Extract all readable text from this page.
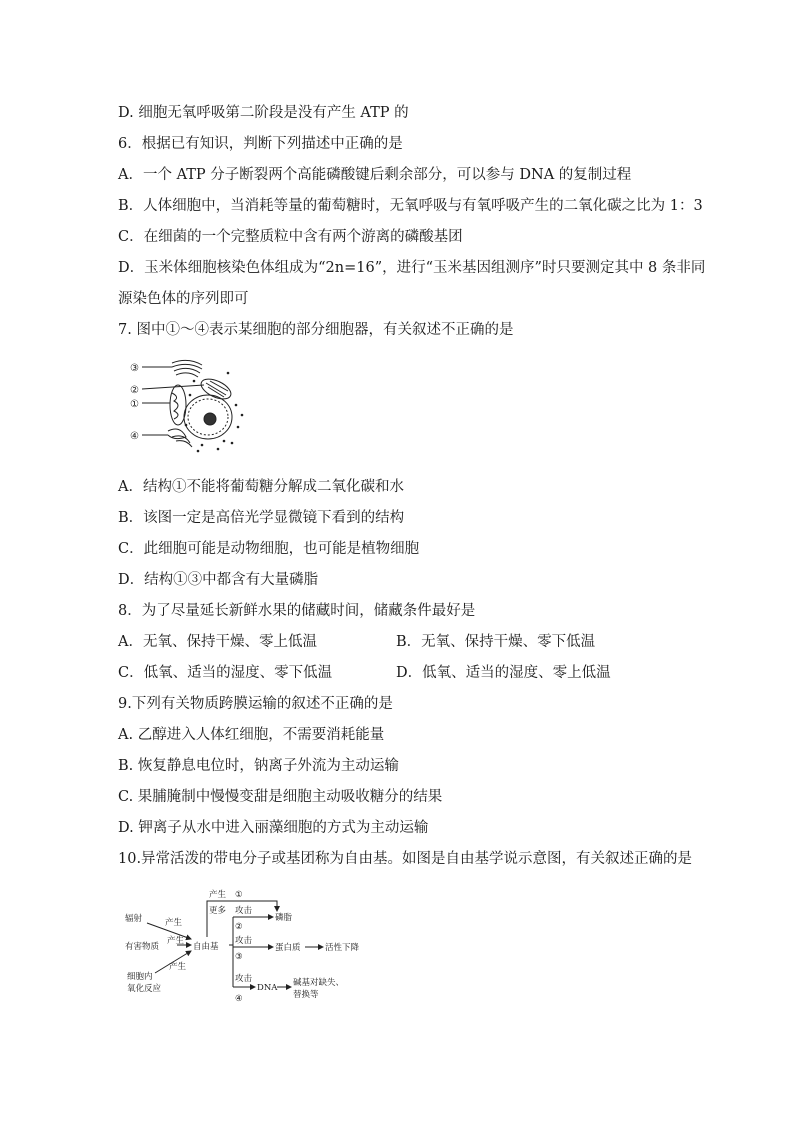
D. 细胞无氧呼吸第二阶段是没有产生 ATP 的
6．根据已有知识，判断下列描述中正确的是
A．一个 ATP 分子断裂两个高能磷酸键后剩余部分，可以参与 DNA 的复制过程
B．人体细胞中，当消耗等量的葡萄糖时，无氧呼吸与有氧呼吸产生的二氧化碳之比为 1：3
C．在细菌的一个完整质粒中含有两个游离的磷酸基团
D．玉米体细胞核染色体组成为“2n=16”，进行“玉米基因组测序”时只要测定其中 8 条非同
源染色体的序列即可
7. 图中①～④表示某细胞的部分细胞器，有关叙述不正确的是
③
②
①
④
A．结构①不能将葡萄糖分解成二氧化碳和水
B．该图一定是高倍光学显微镜下看到的结构
C．此细胞可能是动物细胞，也可能是植物细胞
D．结构①③中都含有大量磷脂
8．为了尽量延长新鲜水果的储藏时间，储藏条件最好是
A．无氧、保持干燥、零上低温	B．无氧、保持干燥、零下低温
C．低氧、适当的湿度、零下低温	D．低氧、适当的湿度、零上低温
9.下列有关物质跨膜运输的叙述不正确的是
A. 乙醇进入人体红细胞，不需要消耗能量
B. 恢复静息电位时，钠离子外流为主动运输
C. 果脯腌制中慢慢变甜是细胞主动吸收糖分的结果
D. 钾离子从水中进入丽藻细胞的方式为主动运输
10.异常活泼的带电分子或基团称为自由基。如图是自由基学说示意图，有关叙述正确的是
辐射	产生
有害物质
产生
产生
细胞内
氧化反应
自由基
产生
更多
①
攻击
磷脂
②
攻击
蛋白质
③
活性下降
攻击
DNA
④
碱基对缺失、
替换等
